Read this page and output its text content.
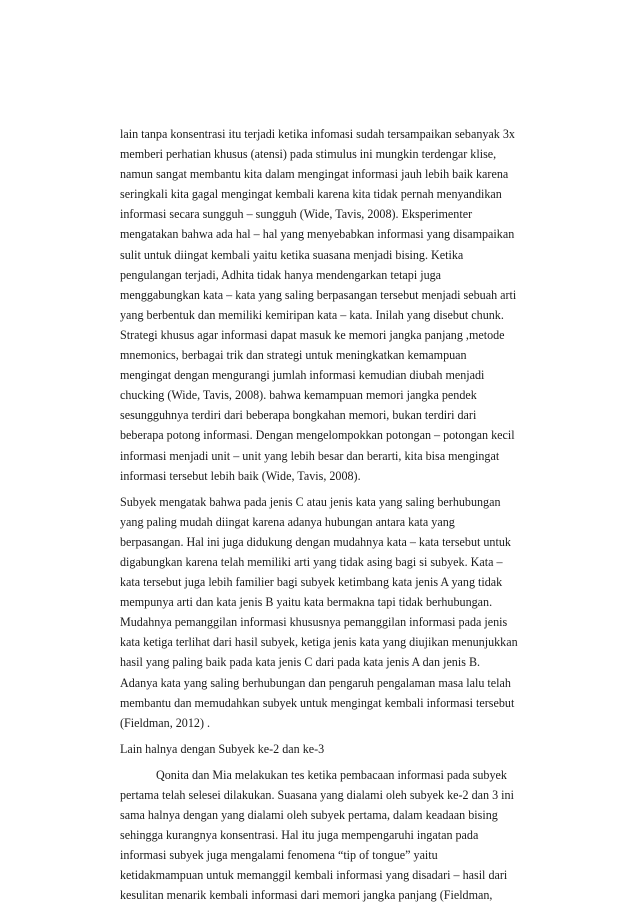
lain tanpa konsentrasi itu terjadi ketika infomasi sudah tersampaikan sebanyak 3x
memberi perhatian khusus (atensi) pada stimulus ini mungkin terdengar klise,
namun sangat membantu kita dalam mengingat informasi jauh lebih baik karena
seringkali kita gagal mengingat kembali karena kita tidak pernah menyandikan
informasi secara sungguh – sungguh (Wide, Tavis, 2008). Eksperimenter
mengatakan bahwa ada hal – hal yang menyebabkan informasi yang disampaikan
sulit untuk diingat kembali yaitu ketika suasana menjadi bising. Ketika
pengulangan terjadi, Adhita tidak hanya mendengarkan tetapi juga
menggabungkan kata – kata yang saling berpasangan tersebut menjadi sebuah arti
yang berbentuk dan memiliki kemiripan kata – kata. Inilah yang disebut chunk.
Strategi khusus agar informasi dapat masuk ke memori jangka panjang ,metode
mnemonics, berbagai trik dan strategi untuk meningkatkan kemampuan
mengingat dengan mengurangi jumlah informasi kemudian diubah menjadi
chucking (Wide, Tavis, 2008). bahwa kemampuan memori jangka pendek
sesungguhnya terdiri dari beberapa bongkahan memori, bukan terdiri dari
beberapa potong informasi. Dengan mengelompokkan potongan – potongan kecil
informasi menjadi unit – unit yang lebih besar dan berarti, kita bisa mengingat
informasi tersebut lebih baik (Wide, Tavis, 2008).
Subyek mengatak bahwa pada jenis C atau jenis kata yang saling berhubungan
yang paling mudah diingat karena adanya hubungan antara kata yang
berpasangan. Hal ini juga didukung dengan mudahnya kata – kata tersebut untuk
digabungkan karena telah memiliki arti yang tidak asing bagi si subyek. Kata –
kata tersebut juga lebih familier bagi subyek ketimbang kata jenis A yang tidak
mempunya arti dan kata jenis B yaitu kata bermakna tapi tidak berhubungan.
Mudahnya pemanggilan informasi khususnya pemanggilan informasi pada jenis
kata ketiga terlihat dari hasil subyek, ketiga jenis kata yang diujikan menunjukkan
hasil yang paling baik pada kata jenis C dari pada kata jenis A dan jenis B.
Adanya kata yang saling berhubungan dan pengaruh pengalaman masa lalu telah
membantu dan memudahkan subyek untuk mengingat kembali informasi tersebut
(Fieldman, 2012) .
Lain halnya dengan Subyek ke-2 dan ke-3
Qonita dan Mia melakukan tes ketika pembacaan informasi pada subyek
pertama telah selesei dilakukan. Suasana yang dialami oleh subyek ke-2 dan 3 ini
sama halnya dengan yang dialami oleh subyek pertama, dalam keadaan bising
sehingga kurangnya konsentrasi. Hal itu juga mempengaruhi ingatan pada
informasi subyek juga mengalami fenomena “tip of tongue” yaitu
ketidakmampuan untuk memanggil kembali informasi yang disadari – hasil dari
kesulitan menarik kembali informasi dari memori jangka panjang (Fieldman,
